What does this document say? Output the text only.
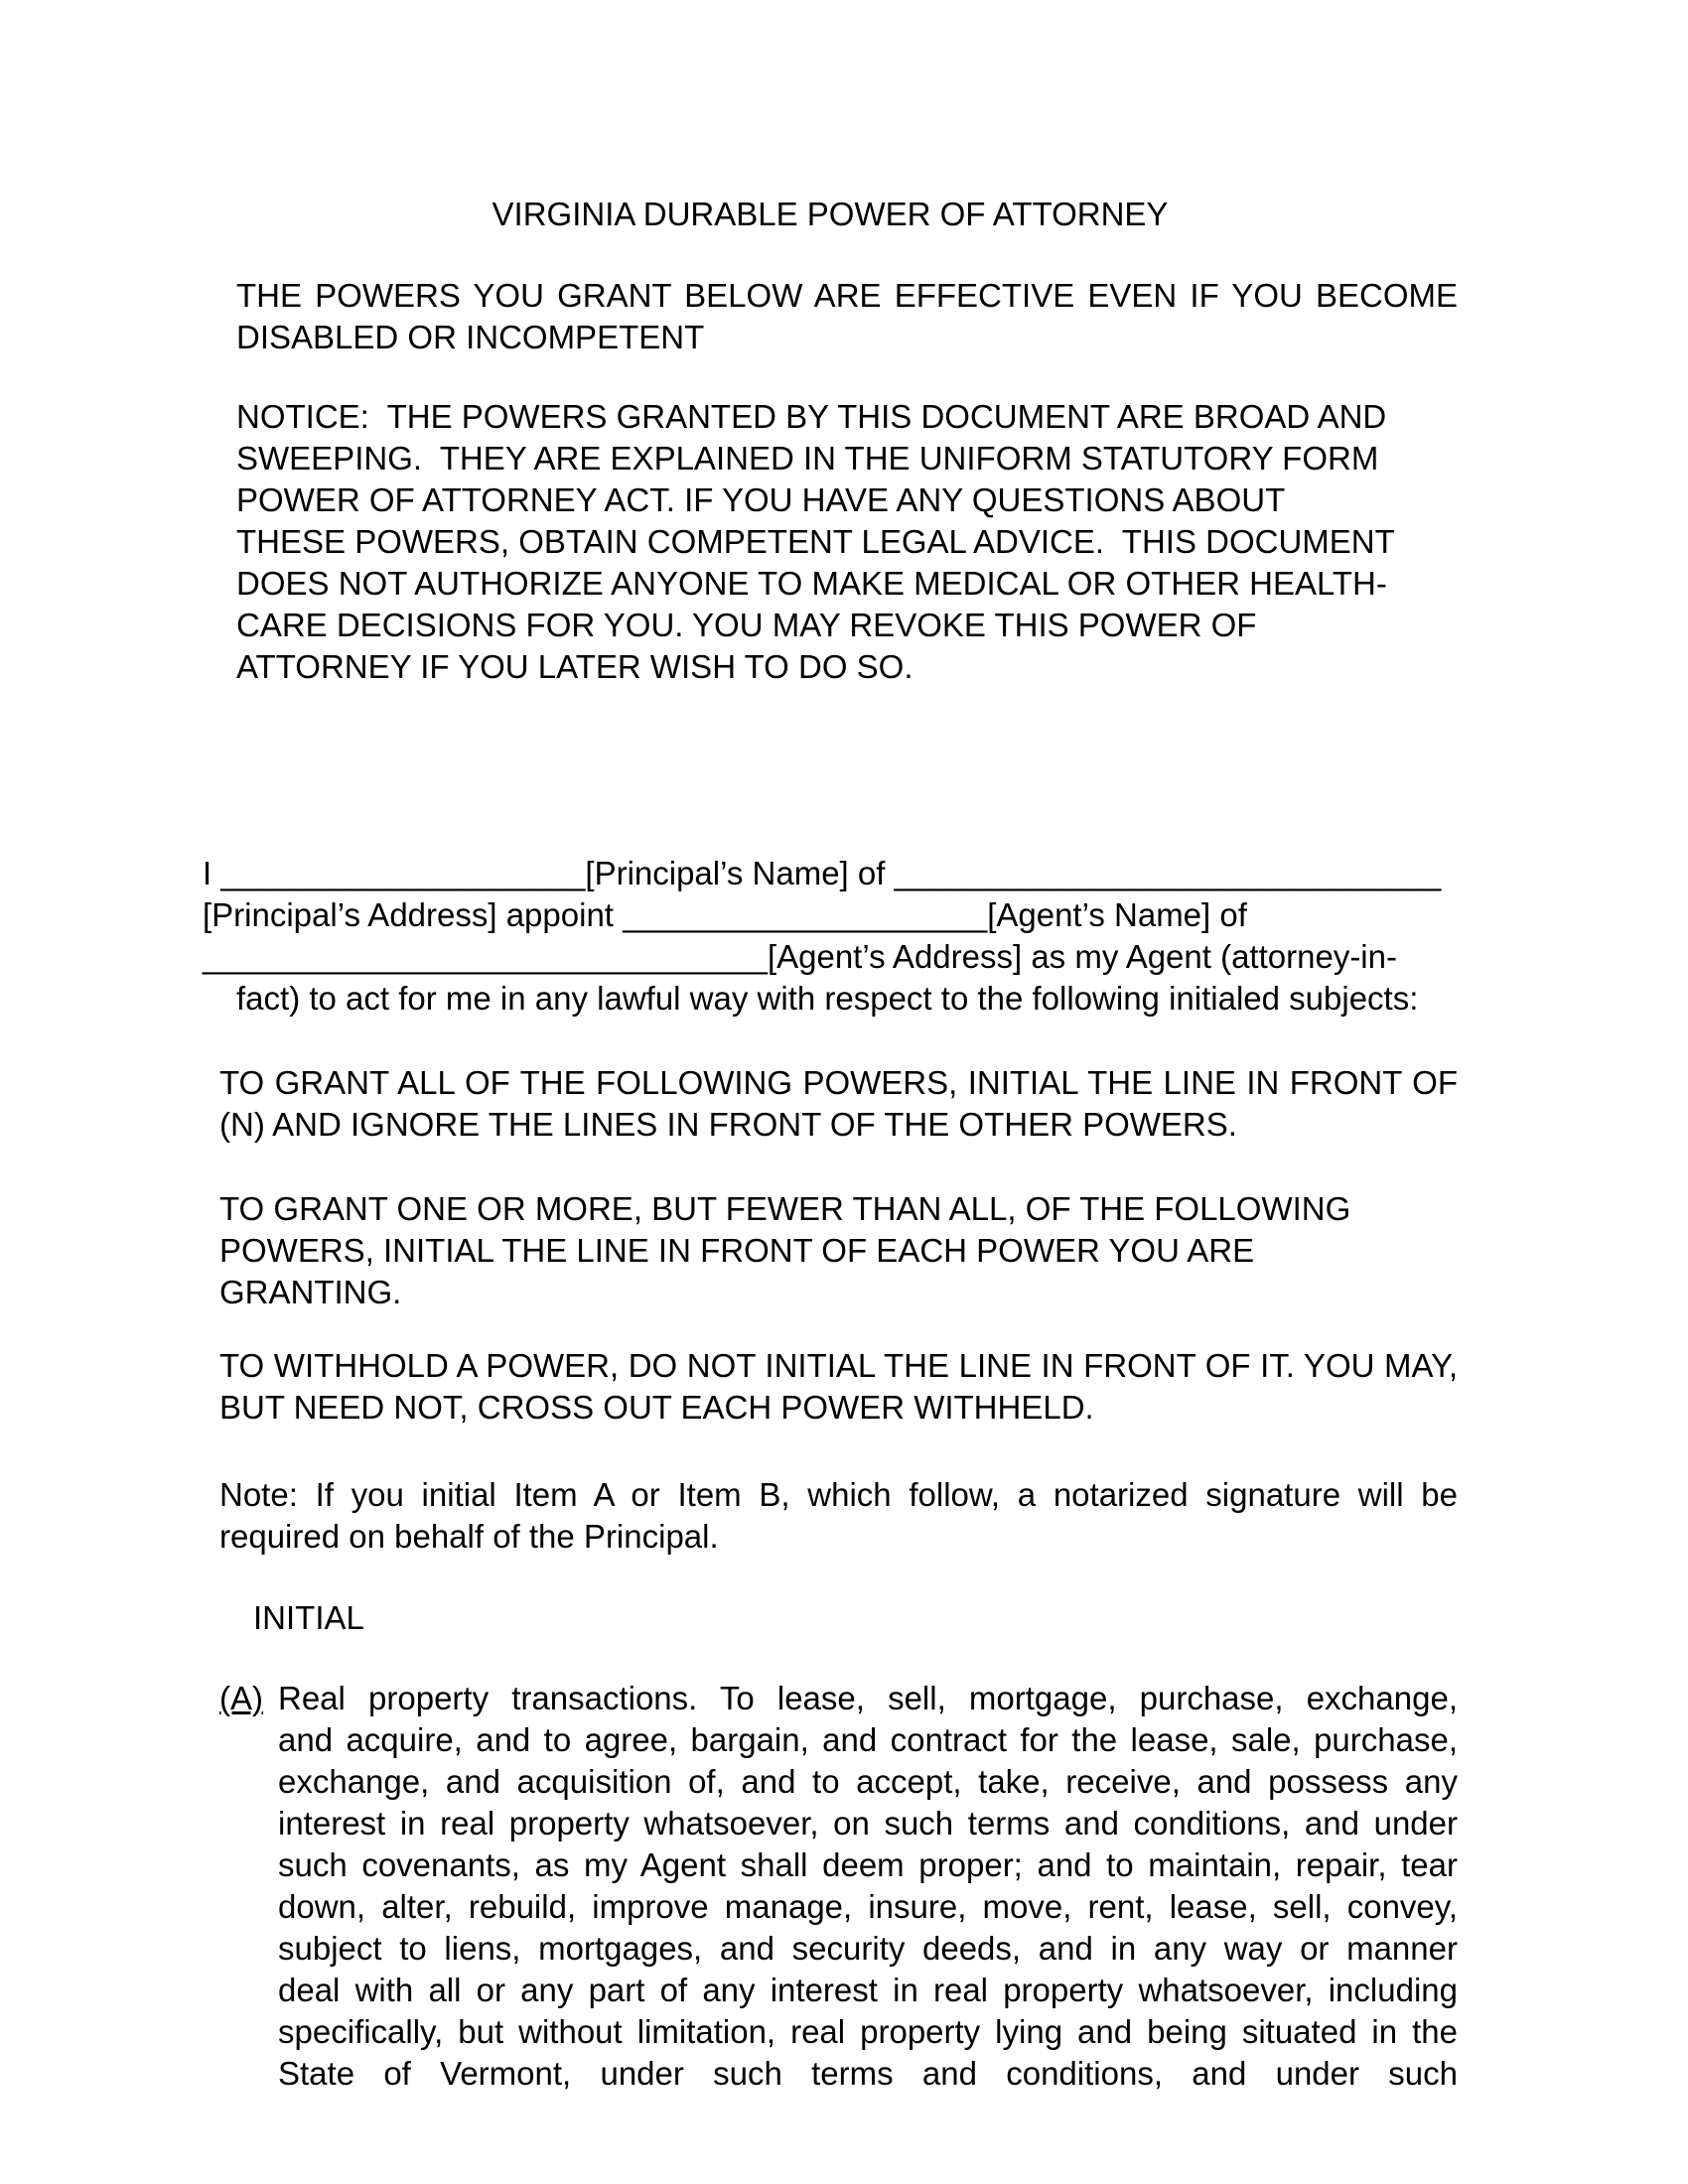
VIRGINIA DURABLE POWER OF ATTORNEY
THE POWERS YOU GRANT BELOW ARE EFFECTIVE EVEN IF YOU BECOME
DISABLED OR INCOMPETENT
NOTICE:  THE POWERS GRANTED BY THIS DOCUMENT ARE BROAD AND
SWEEPING.  THEY ARE EXPLAINED IN THE UNIFORM STATUTORY FORM
POWER OF ATTORNEY ACT. IF YOU HAVE ANY QUESTIONS ABOUT
THESE POWERS, OBTAIN COMPETENT LEGAL ADVICE.  THIS DOCUMENT
DOES NOT AUTHORIZE ANYONE TO MAKE MEDICAL OR OTHER HEALTH-
CARE DECISIONS FOR YOU. YOU MAY REVOKE THIS POWER OF
ATTORNEY IF YOU LATER WISH TO DO SO.
I ____________________[Principal’s Name] of ______________________________
[Principal’s Address] appoint ____________________[Agent’s Name] of
_______________________________[Agent’s Address] as my Agent (attorney-in-
fact) to act for me in any lawful way with respect to the following initialed subjects:
TO GRANT ALL OF THE FOLLOWING POWERS, INITIAL THE LINE IN FRONT OF
(N) AND IGNORE THE LINES IN FRONT OF THE OTHER POWERS.
TO GRANT ONE OR MORE, BUT FEWER THAN ALL, OF THE FOLLOWING
POWERS, INITIAL THE LINE IN FRONT OF EACH POWER YOU ARE
GRANTING.
TO WITHHOLD A POWER, DO NOT INITIAL THE LINE IN FRONT OF IT. YOU MAY,
BUT NEED NOT, CROSS OUT EACH POWER WITHHELD.
Note: If you initial Item A or Item B, which follow, a notarized signature will be
required on behalf of the Principal.
INITIAL
(A) Real property transactions. To lease, sell, mortgage, purchase, exchange,
and acquire, and to agree, bargain, and contract for the lease, sale, purchase,
exchange, and acquisition of, and to accept, take, receive, and possess any
interest in real property whatsoever, on such terms and conditions, and under
such covenants, as my Agent shall deem proper; and to maintain, repair, tear
down, alter, rebuild, improve manage, insure, move, rent, lease, sell, convey,
subject to liens, mortgages, and security deeds, and in any way or manner
deal with all or any part of any interest in real property whatsoever, including
specifically, but without limitation, real property lying and being situated in the
State of Vermont, under such terms and conditions, and under such
